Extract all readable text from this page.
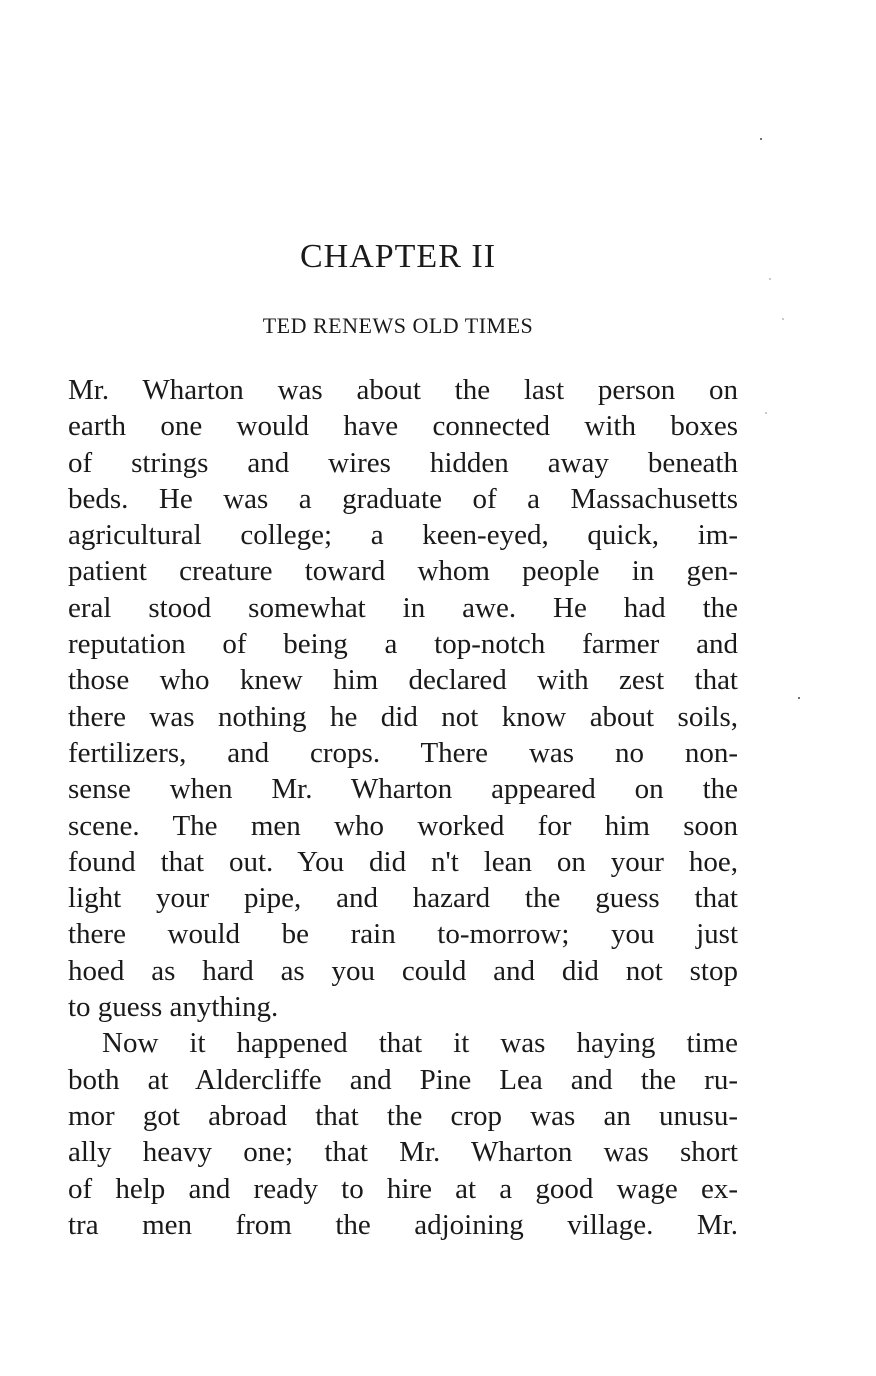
CHAPTER II
TED RENEWS OLD TIMES
Mr. Wharton was about the last person on
earth one would have connected with boxes
of strings and wires hidden away beneath
beds. He was a graduate of a Massachusetts
agricultural college; a keen-eyed, quick, im-
patient creature toward whom people in gen-
eral stood somewhat in awe. He had the
reputation of being a top-notch farmer and
those who knew him declared with zest that
there was nothing he did not know about soils,
fertilizers, and crops. There was no non-
sense when Mr. Wharton appeared on the
scene. The men who worked for him soon
found that out. You did n't lean on your hoe,
light your pipe, and hazard the guess that
there would be rain to-morrow; you just
hoed as hard as you could and did not stop
to guess anything.
Now it happened that it was haying time
both at Aldercliffe and Pine Lea and the ru-
mor got abroad that the crop was an unusu-
ally heavy one; that Mr. Wharton was short
of help and ready to hire at a good wage ex-
tra men from the adjoining village. Mr.
